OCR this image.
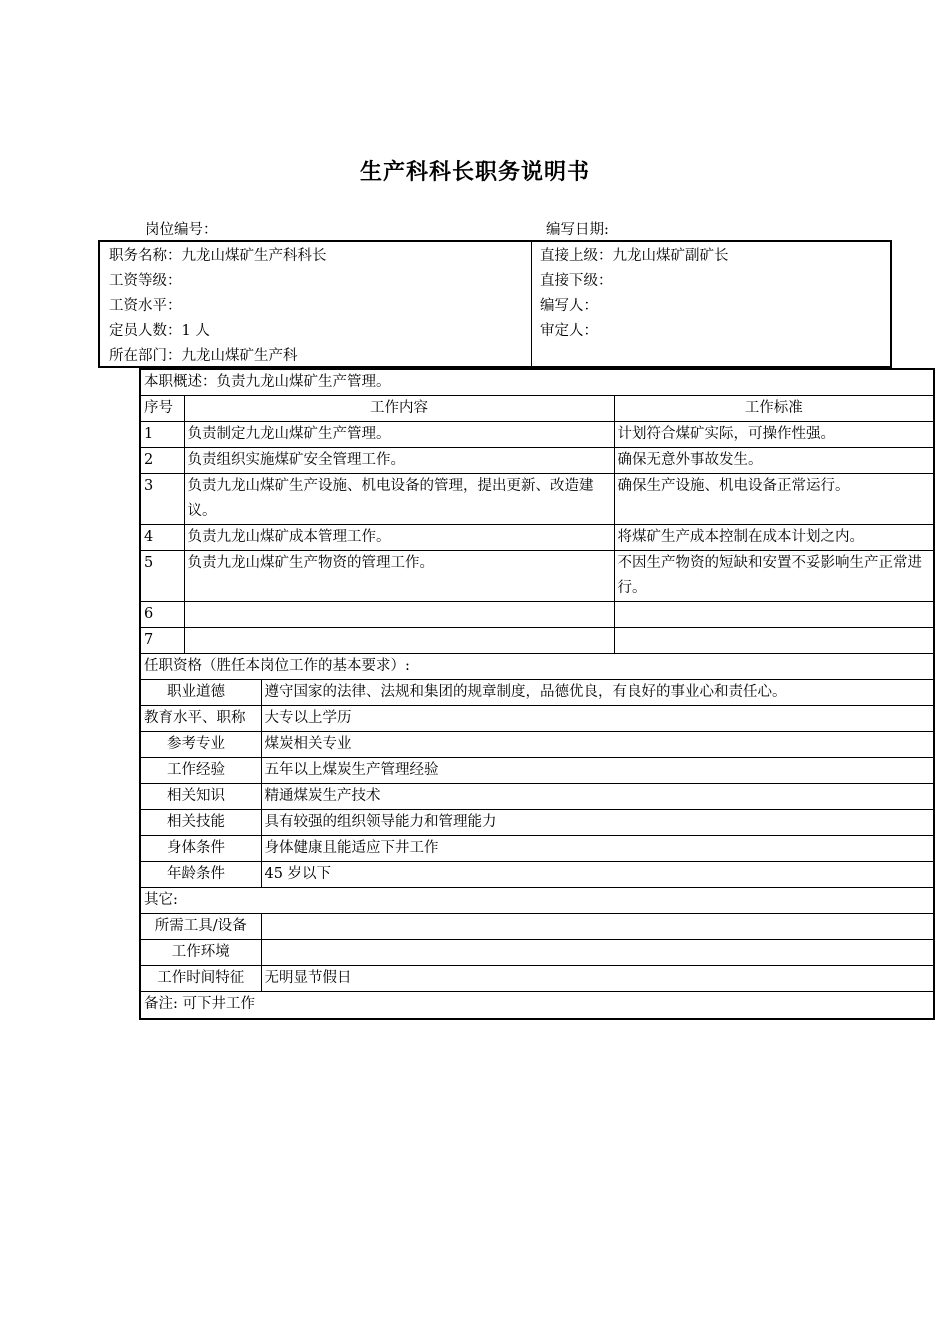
生产科科长职务说明书
岗位编号：	编写日期:
职务名称：九龙山煤矿生产科科长
工资等级：
工资水平：
定员人数：1 人
所在部门：九龙山煤矿生产科
直接上级：九龙山煤矿副矿长
直接下级：
编写人：
审定人：
本职概述：负责九龙山煤矿生产管理。			
序号	工作内容		工作标准
1	负责制定九龙山煤矿生产管理。		计划符合煤矿实际，可操作性强。
2	负责组织实施煤矿安全管理工作。		确保无意外事故发生。
3	负责九龙山煤矿生产设施、机电设备的管理，提出更新、改造建议。		确保生产设施、机电设备正常运行。
4	负责九龙山煤矿成本管理工作。		将煤矿生产成本控制在成本计划之内。
5	负责九龙山煤矿生产物资的管理工作。		不因生产物资的短缺和安置不妥影响生产正常进行。
6			
7			
任职资格（胜任本岗位工作的基本要求）:			
职业道德		遵守国家的法律、法规和集团的规章制度，品德优良，有良好的事业心和责任心。	
教育水平、职称		大专以上学历	
参考专业		煤炭相关专业	
工作经验		五年以上煤炭生产管理经验	
相关知识		精通煤炭生产技术	
相关技能		具有较强的组织领导能力和管理能力	
身体条件		身体健康且能适应下井工作	
年龄条件		45 岁以下	
其它:			
所需工具/设备			
工作环境			
工作时间特征		无明显节假日	
备注: 可下井工作			
